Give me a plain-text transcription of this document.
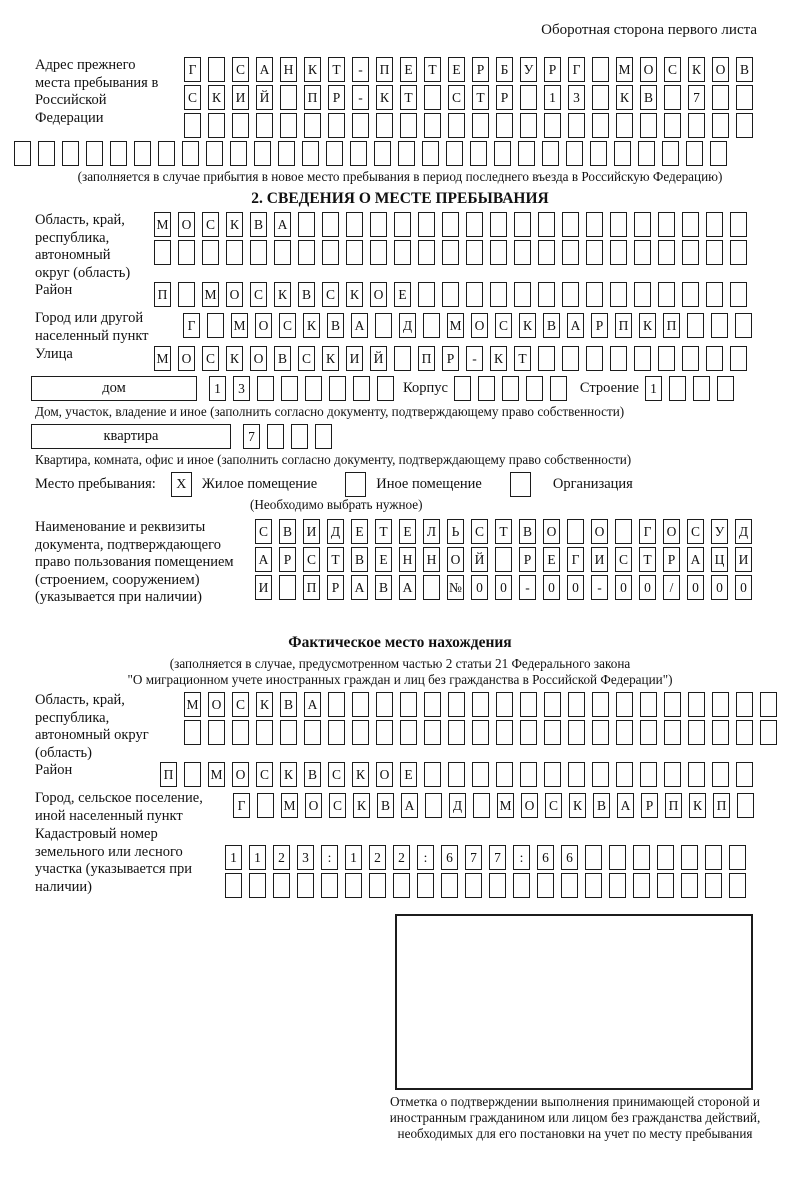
Оборотная сторона первого листа
Адрес прежнего места пребывания в Российской Федерации
Г	С А Н К	Т	-	П	Е	Т	Е	Р	Б	У	Р	Г	М О С К О В
С К И Й	П	Р	-	К	Т	С	Т	Р	1	3	К В	7
(заполняется в случае прибытия в новое место пребывания в период последнего въезда в Российскую Федерацию)
2. СВЕДЕНИЯ О МЕСТЕ ПРЕБЫВАНИЯ
Область, край, республика, автономный округ (область)
М О С К В А
Район	П	М О С К В С К О	Е
Город или другой населенный пункт
Г	М О С К В А	Д	М О С К В А	Р	П К П
Улица	М О С К О В С К И Й	П	Р	-	К	Т
дом	1	3	Корпус	Строение 1
Дом, участок, владение и иное (заполнить согласно документу, подтверждающему право собственности)
квартира	7
Квартира, комната, офис и иное (заполнить согласно документу, подтверждающему право собственности)
Место пребывания:	X	Жилое помещение	Иное помещение	Организация
(Необходимо выбрать нужное)
Наименование и реквизиты документа, подтверждающего право пользования помещением (строением, сооружением) (указывается при наличии)
С В И Д	Е	Т	Е	Л	Ь	С	Т	В О	О	Г	О С У Д
А	Р	С	Т	В	Е	Н Н О Й	Р	Е	Г	И С	Т	Р	А Ц И
И	П	Р	А В А	№	0	0	-	0	0	-	0	0	/	0	0	0
Фактическое место нахождения
(заполняется в случае, предусмотренном частью 2 статьи 21 Федерального закона
"О миграционном учете иностранных граждан и лиц без гражданства в Российской Федерации")
Область, край, республика, автономный округ (область)
М О С К В А
Район	П	М О С К В С К О	Е
Город, сельское поселение, иной населенный пункт
Г	М О С К В А	Д	М О С К В А	Р	П К П
Кадастровый номер земельного или лесного участка (указывается при наличии)
1	1	2	3	:	1	2	2	:	6	7	7	:	6	6
Отметка о подтверждении выполнения принимающей стороной и иностранным гражданином или лицом без гражданства действий, необходимых для его постановки на учет по месту пребывания
